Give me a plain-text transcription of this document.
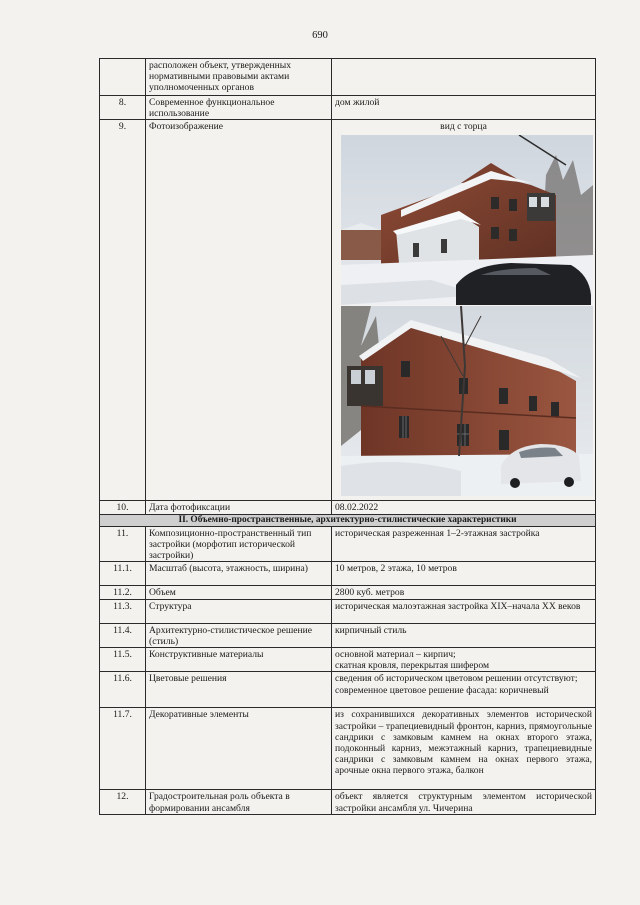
690
	расположен объект, утвержденных нормативными правовыми актами уполномоченных органов	
8.	Современное функциональное использование	дом жилой
9.	Фотоизображение	вид с торца

10.	Дата фотофиксации	08.02.2022
II. Объемно-пространственные, архитектурно-стилистические характеристики		
11.	Композиционно-пространственный тип застройки (морфотип исторической застройки)	историческая разреженная 1–2-этажная застройка
11.1.	Масштаб (высота, этажность, ширина)	10 метров, 2 этажа, 10 метров
11.2.	Объем	2800 куб. метров
11.3.	Структура	историческая малоэтажная застройка XIX–начала XX веков
11.4.	Архитектурно-стилистическое решение (стиль)	кирпичный стиль
11.5.	Конструктивные материалы	основной материал – кирпич;
скатная кровля, перекрытая шифером

11.6.	Цветовые решения	сведения об историческом цветовом решении отсутствуют;
современное цветовое решение фасада: коричневый

11.7.	Декоративные элементы	из сохранившихся декоративных элементов исторической застройки – трапециевидный фронтон, карниз, прямоугольные сандрики с замковым камнем на окнах второго этажа, подоконный карниз, межэтажный карниз, трапециевидные сандрики с замковым камнем на окнах первого этажа, арочные окна первого этажа, балкон
12.	Градостроительная роль объекта в формировании ансамбля	объект является структурным элементом исторической застройки ансамбля ул. Чичерина
